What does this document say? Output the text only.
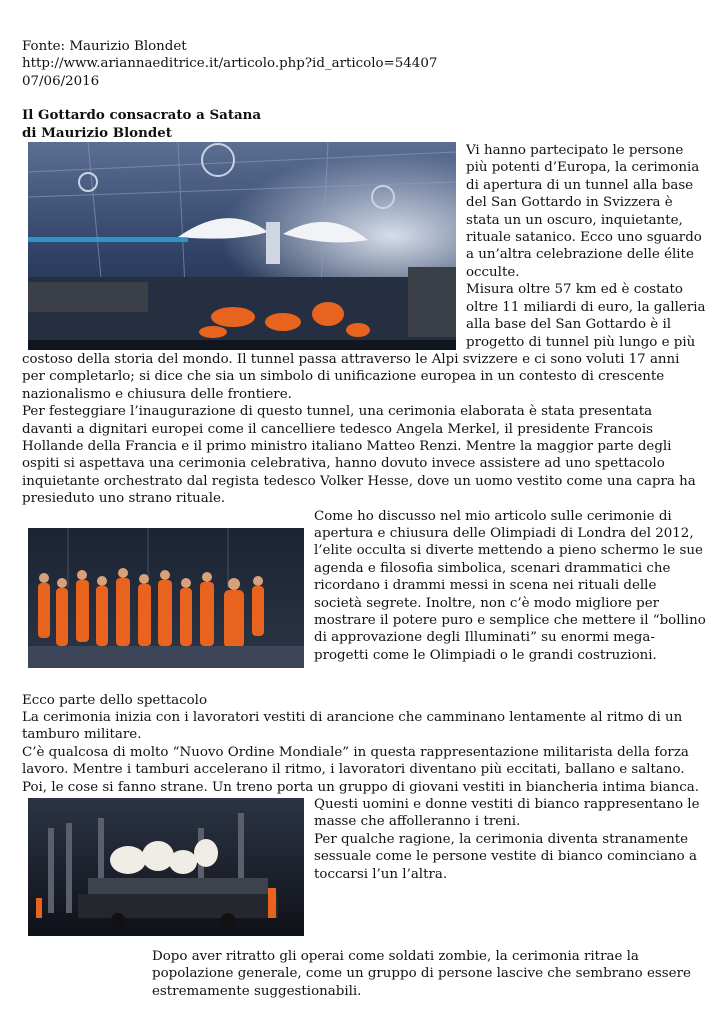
Fonte: Maurizio Blondet

http://www.ariannaeditrice.it/articolo.php?id_articolo=54407

07/06/2016

Il Gottardo consacrato a Satana

di Maurizio Blondet

Vi hanno partecipato le persone più potenti d’Europa, la cerimonia di apertura di un tunnel alla base del San Gottardo in Svizzera è stata un un oscuro, inquietante, rituale satanico. Ecco uno sguardo a un’altra celebrazione delle élite occulte.

Misura oltre 57 km ed è costato oltre 11 miliardi di euro, la galleria alla base del San Gottardo è il progetto di tunnel più lungo e più costoso della storia del mondo. Il tunnel passa attraverso le Alpi svizzere e ci sono voluti 17 anni per completarlo; si dice che sia un simbolo di unificazione europea in un contesto di crescente nazionalismo e chiusura delle frontiere.

Per festeggiare l’inaugurazione di questo tunnel, una cerimonia elaborata è stata presentata davanti a dignitari europei come il cancelliere tedesco Angela Merkel, il presidente Francois Hollande della Francia e il primo ministro italiano Matteo Renzi. Mentre la maggior parte degli ospiti si aspettava una cerimonia celebrativa, hanno dovuto invece assistere ad uno spettacolo inquietante orchestrato dal regista tedesco Volker Hesse, dove un uomo vestito come una capra ha presieduto uno strano rituale.

Come ho discusso nel mio articolo sulle cerimonie di apertura e chiusura delle Olimpiadi di Londra del 2012, l’elite occulta si diverte mettendo a pieno schermo le sue agenda e filosofia simbolica, scenari drammatici che ricordano i drammi messi in scena nei rituali delle società segrete. Inoltre, non c’è modo migliore per mostrare il potere puro e semplice che mettere il “bollino di approvazione degli Illuminati” su enormi mega-progetti come le Olimpiadi o le grandi costruzioni.

Ecco parte dello spettacolo

La cerimonia inizia con i lavoratori vestiti di arancione che camminano lentamente al ritmo di un tamburo militare.

C’è qualcosa di molto “Nuovo Ordine Mondiale” in questa rappresentazione militarista della forza lavoro. Mentre i tamburi accelerano il ritmo, i lavoratori diventano più eccitati, ballano e saltano.

Poi, le cose si fanno strane. Un treno porta un gruppo di giovani vestiti in biancheria intima bianca.

Questi uomini e donne vestiti di bianco rappresentano le masse che affolleranno i treni.

Per qualche ragione, la cerimonia diventa stranamente sessuale come le persone vestite di bianco cominciano a toccarsi l’un l’altra.

Dopo aver ritratto gli operai come soldati zombie, la cerimonia ritrae la popolazione generale, come un gruppo di persone lascive che sembrano essere estremamente suggestionabili.
